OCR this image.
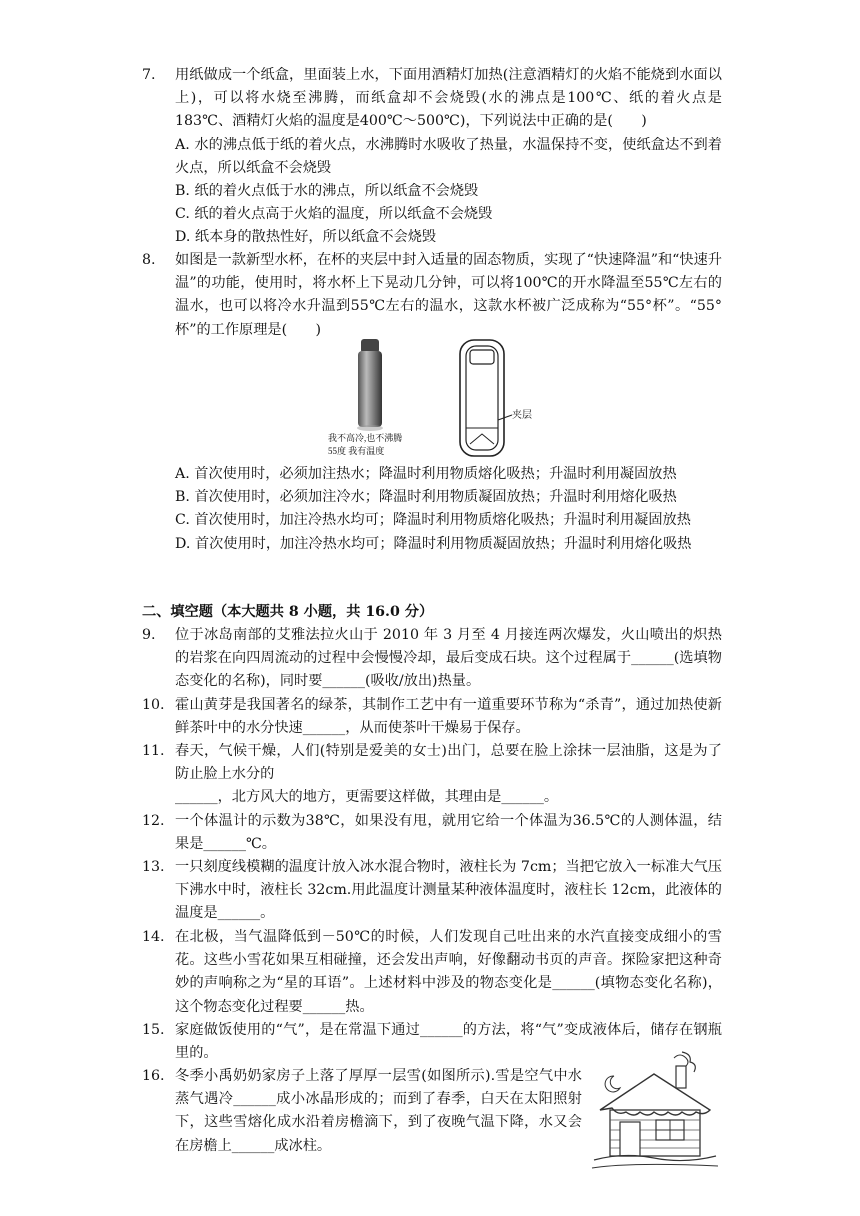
7. 用纸做成一个纸盒，里面装上水，下面用酒精灯加热(注意酒精灯的火焰不能烧到水面以上)，可以将水烧至沸腾，而纸盒却不会烧毁(水的沸点是100℃、纸的着火点是183℃、酒精灯火焰的温度是400℃～500℃)，下列说法中正确的是(　　)
A. 水的沸点低于纸的着火点，水沸腾时水吸收了热量，水温保持不变，使纸盒达不到着火点，所以纸盒不会烧毁
B. 纸的着火点低于水的沸点，所以纸盒不会烧毁
C. 纸的着火点高于火焰的温度，所以纸盒不会烧毁
D. 纸本身的散热性好，所以纸盒不会烧毁
8. 如图是一款新型水杯，在杯的夹层中封入适量的固态物质，实现了“快速降温”和“快速升温”的功能，使用时，将水杯上下晃动几分钟，可以将100℃的开水降温至55℃左右的温水，也可以将冷水升温到55℃左右的温水，这款水杯被广泛成称为“55°杯”。“55°杯”的工作原理是(　　)
我不高冷,也不沸腾
55度 我有温度
夹层
A. 首次使用时，必须加注热水；降温时利用物质熔化吸热；升温时利用凝固放热
B. 首次使用时，必须加注冷水；降温时利用物质凝固放热；升温时利用熔化吸热
C. 首次使用时，加注冷热水均可；降温时利用物质熔化吸热；升温时利用凝固放热
D. 首次使用时，加注冷热水均可；降温时利用物质凝固放热；升温时利用熔化吸热
二、填空题（本大题共 8 小题，共 16.0 分）
9. 位于冰岛南部的艾雅法拉火山于 2010 年 3 月至 4 月接连两次爆发，火山喷出的炽热的岩浆在向四周流动的过程中会慢慢冷却，最后变成石块。这个过程属于______(选填物态变化的名称)，同时要______(吸收/放出)热量。
10. 霍山黄芽是我国著名的绿茶，其制作工艺中有一道重要环节称为“杀青”，通过加热使新鲜茶叶中的水分快速______，从而使茶叶干燥易于保存。
11. 春天，气候干燥，人们(特别是爱美的女士)出门，总要在脸上涂抹一层油脂，这是为了防止脸上水分的
______，北方风大的地方，更需要这样做，其理由是______。
12. 一个体温计的示数为38℃，如果没有甩，就用它给一个体温为36.5℃的人测体温，结果是______℃。
13. 一只刻度线模糊的温度计放入冰水混合物时，液柱长为 7cm；当把它放入一标准大气压下沸水中时，液柱长 32cm.用此温度计测量某种液体温度时，液柱长 12cm，此液体的温度是______。
14. 在北极，当气温降低到－50℃的时候，人们发现自己吐出来的水汽直接变成细小的雪花。这些小雪花如果互相碰撞，还会发出声响，好像翻动书页的声音。探险家把这种奇妙的声响称之为“星的耳语”。上述材料中涉及的物态变化是______(填物态变化名称)，这个物态变化过程要______热。
15. 家庭做饭使用的“气”，是在常温下通过______的方法，将“气”变成液体后，储存在钢瓶里的。
16. 冬季小禹奶奶家房子上落了厚厚一层雪(如图所示).雪是空气中水蒸气遇冷______成小冰晶形成的；而到了春季，白天在太阳照射下，这些雪熔化成水沿着房檐滴下，到了夜晚气温下降，水又会在房檐上______成冰柱。
